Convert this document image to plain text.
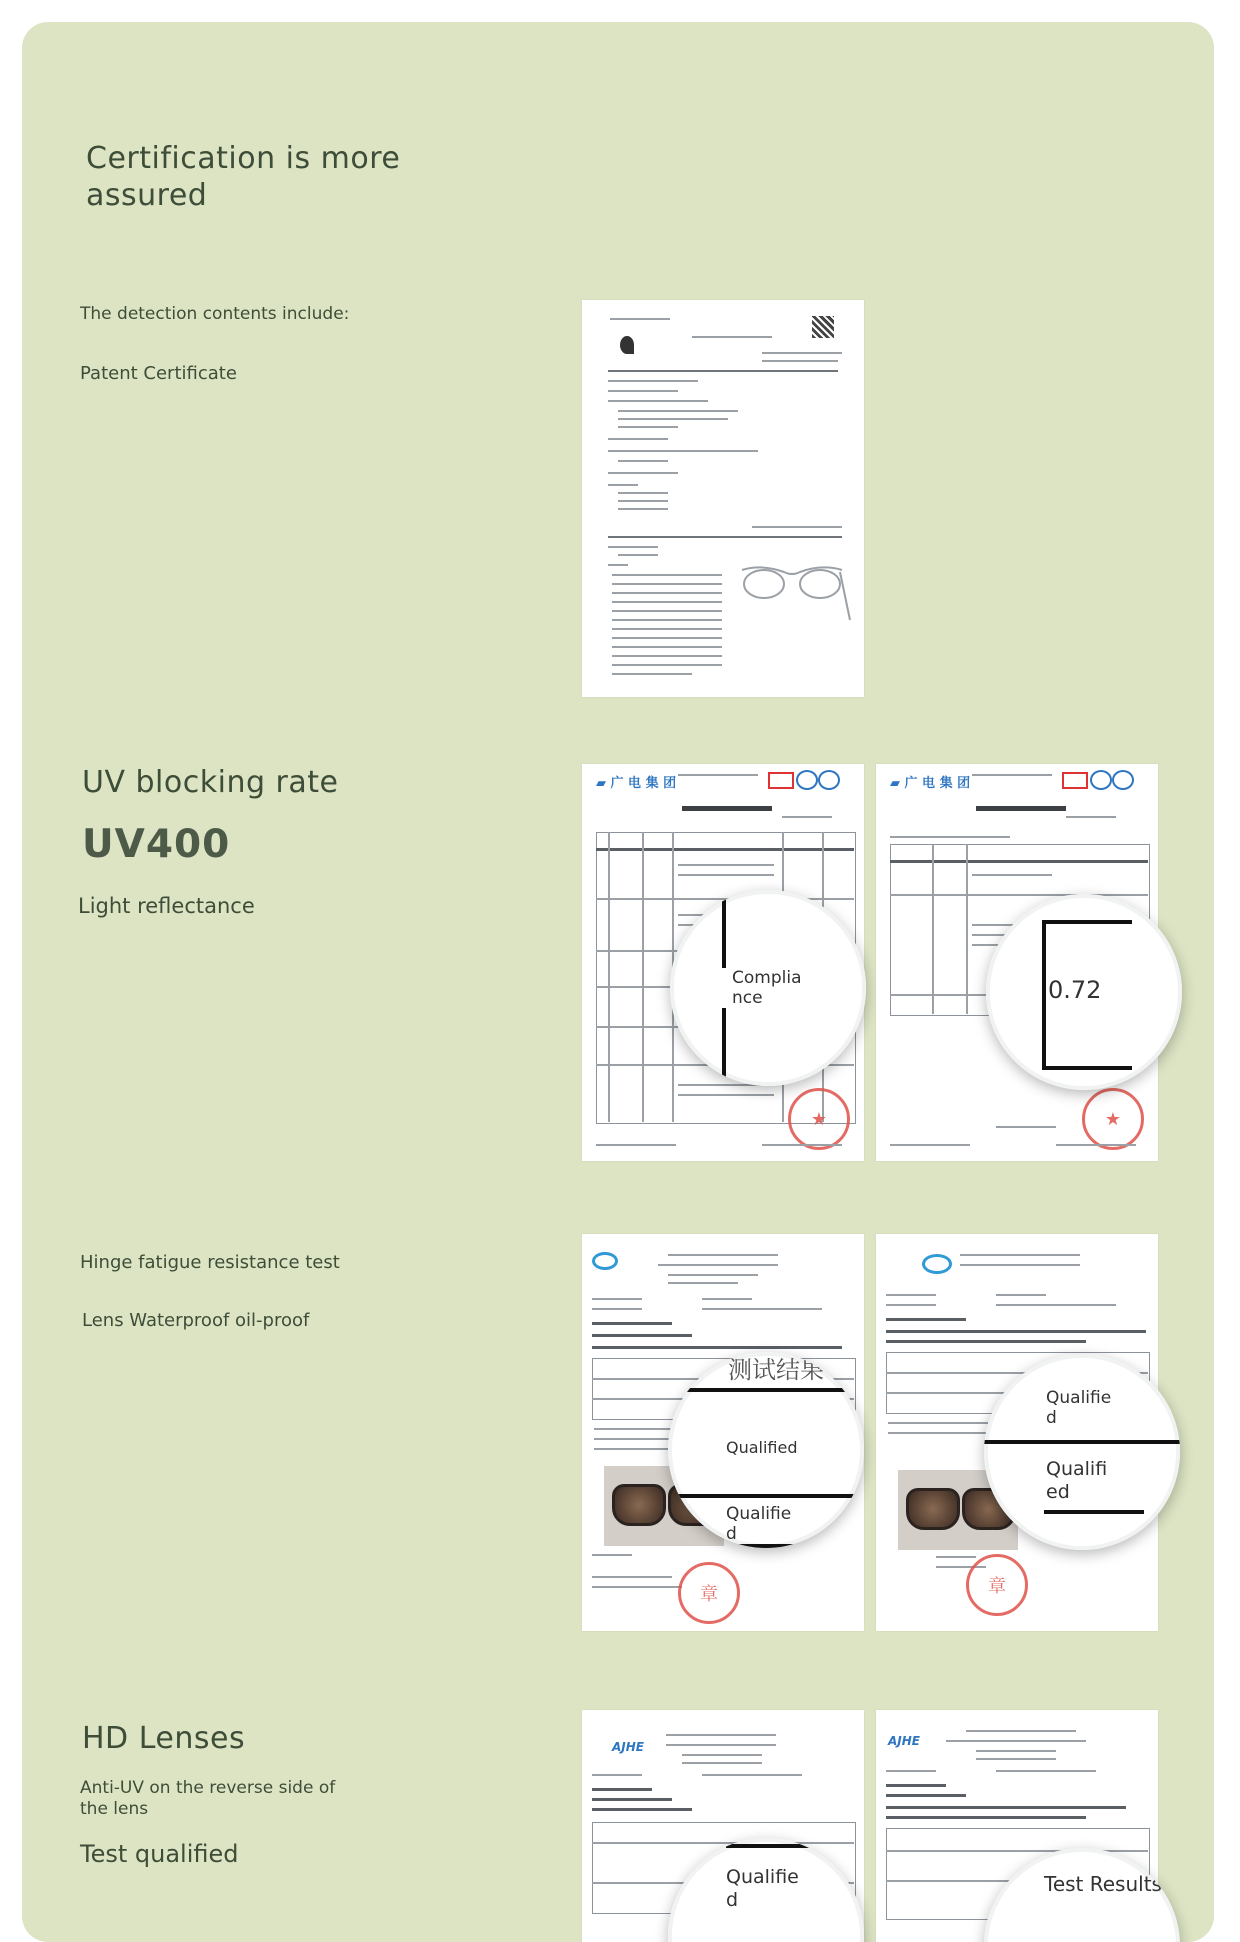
Certification is more
assured
The detection contents include:
Patent Certificate
UV blocking rate
UV400
Light reflectance
▰ 广 电 集 团
★
Complia
nce
▰ 广 电 集 团
★
0.72
Hinge fatigue resistance test
Lens Waterproof oil-proof
章
测试结果
Qualified
Qualifie
d
章
Qualifie
d
Qualifi
ed
HD Lenses
Anti-UV on the reverse side of
the lens
Test qualified
AJHE
Qualifie
d
AJHE
Test Results
